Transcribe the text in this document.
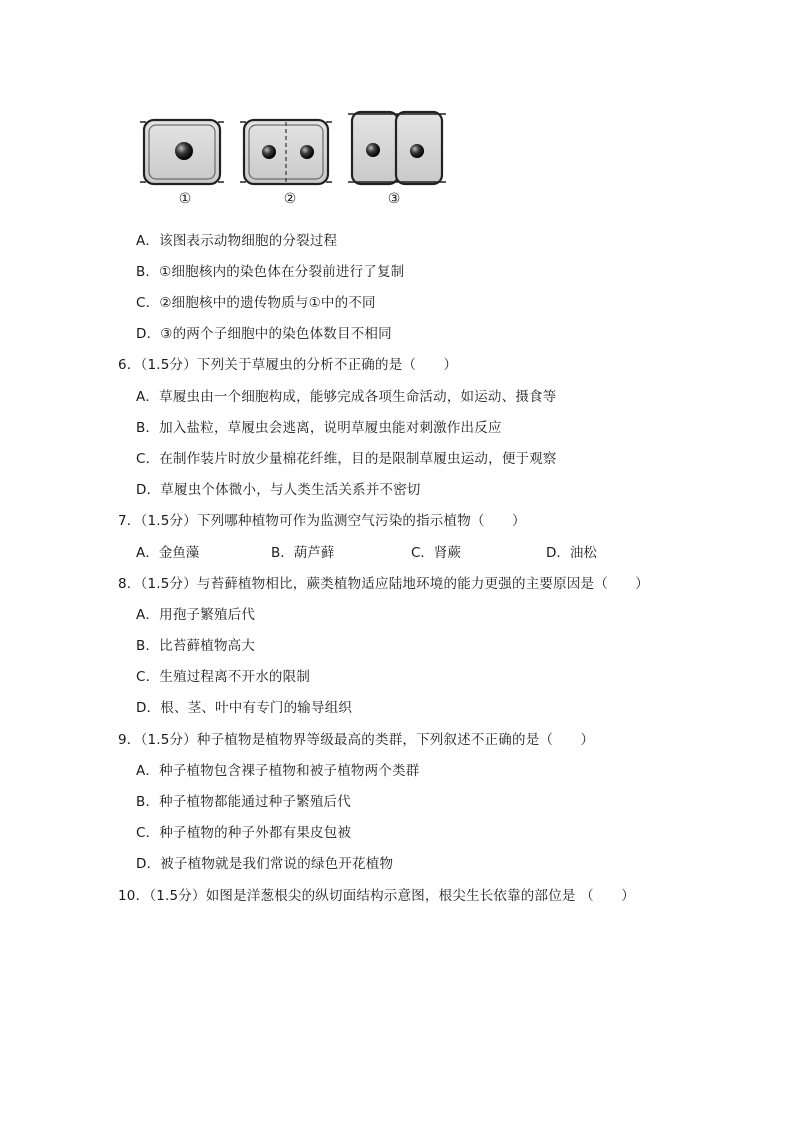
①	②	③
A．该图表示动物细胞的分裂过程
B．①细胞核内的染色体在分裂前进行了复制
C．②细胞核中的遗传物质与①中的不同
D．③的两个子细胞中的染色体数目不相同
6．（1.5分）下列关于草履虫的分析不正确的是（　　）
A．草履虫由一个细胞构成，能够完成各项生命活动，如运动、摄食等
B．加入盐粒，草履虫会逃离，说明草履虫能对刺激作出反应
C．在制作装片时放少量棉花纤维，目的是限制草履虫运动，便于观察
D．草履虫个体微小，与人类生活关系并不密切
7．（1.5分）下列哪种植物可作为监测空气污染的指示植物（　　）
A．金鱼藻	B．葫芦藓	C．肾蕨	D．油松
8．（1.5分）与苔藓植物相比，蕨类植物适应陆地环境的能力更强的主要原因是（　　）
A．用孢子繁殖后代
B．比苔藓植物高大
C．生殖过程离不开水的限制
D．根、茎、叶中有专门的输导组织
9．（1.5分）种子植物是植物界等级最高的类群，下列叙述不正确的是（　　）
A．种子植物包含裸子植物和被子植物两个类群
B．种子植物都能通过种子繁殖后代
C．种子植物的种子外都有果皮包被
D．被子植物就是我们常说的绿色开花植物
10．（1.5分）如图是洋葱根尖的纵切面结构示意图，根尖生长依靠的部位是 （　　）
